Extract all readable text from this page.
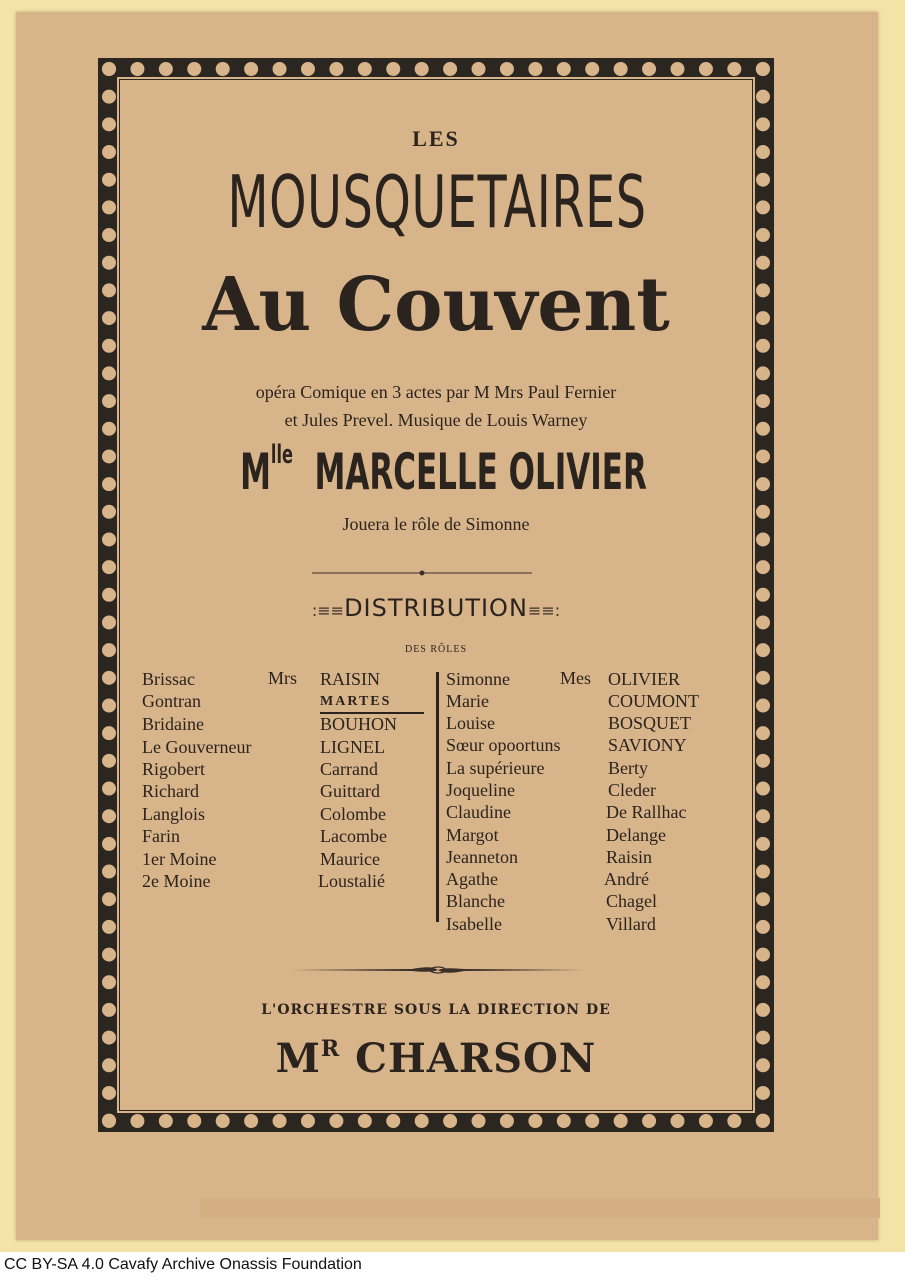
LES
MOUSQUETAIRES
Au Couvent
opéra Comique en 3 actes par M Mrs Paul Fernier
et Jules Prevel. Musique de Louis Warney
$M^{lle}$ MARCELLE OLIVIER
Jouera le rôle de Simonne
:≡≡DISTRIBUTION≡≡:
DES RÔLES
Mrs	Mes
MARTES
Brissac	RAISIN
Gontran
Bridaine	BOUHON
Le Gouverneur	LIGNEL
Rigobert	Carrand
Richard	Guittard
Langlois	Colombe
Farin	Lacombe
1er Moine	Maurice
2e Moine	Loustalié
Simonne	OLIVIER
Marie	COUMONT
Louise	BOSQUET
Sœur opoortuns	SAVIONY
La supérieure	Berty
Joqueline	Cleder
Claudine	De Rallhac
Margot	Delange
Jeanneton	Raisin
Agathe	André
Blanche	Chagel
Isabelle	Villard
L'ORCHESTRE SOUS LA DIRECTION DE
$M^R$ CHARSON
CC BY-SA 4.0 Cavafy Archive Onassis Foundation
